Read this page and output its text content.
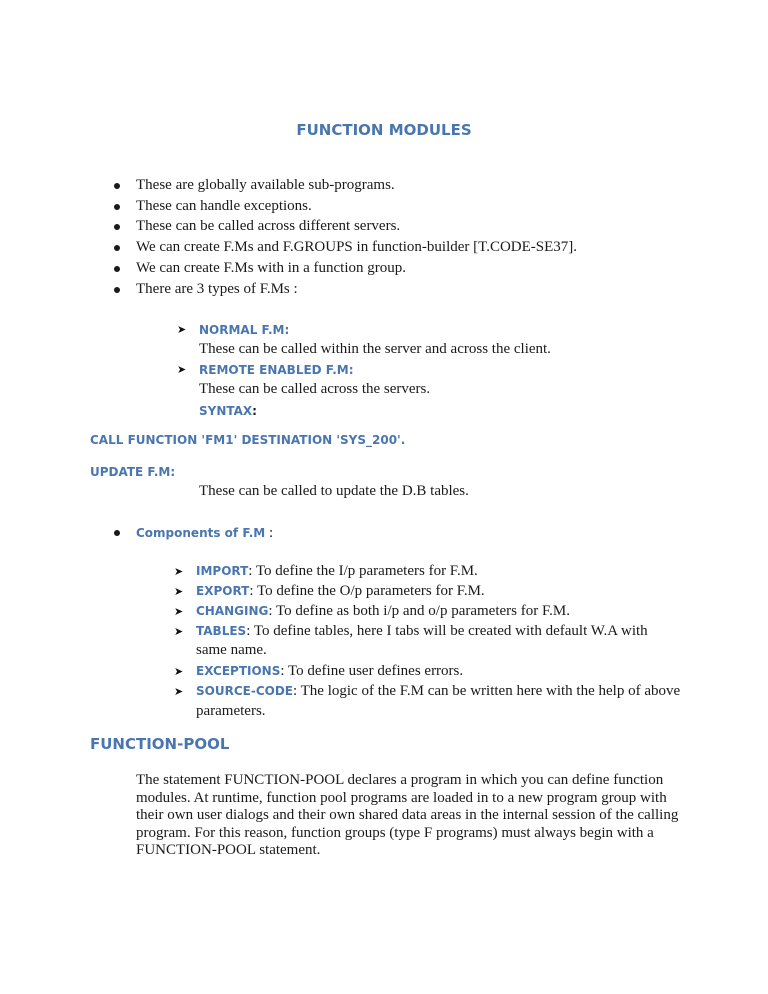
FUNCTION MODULES
These are globally available sub-programs.
These can handle exceptions.
These can be called across different servers.
We can create F.Ms and F.GROUPS in function-builder [T.CODE-SE37].
We can create F.Ms with in a function group.
There are 3 types of F.Ms :
➤ NORMAL F.M:
These can be called within the server and across the client.
➤ REMOTE ENABLED F.M:
These can be called across the servers.
SYNTAX:
CALL FUNCTION 'FM1' DESTINATION 'SYS_200'.
UPDATE F.M:
These can be called to update the D.B tables.
Components of F.M :
➤ IMPORT: To define the I/p parameters for F.M.
➤ EXPORT: To define the O/p parameters for F.M.
➤ CHANGING: To define as both i/p and o/p parameters for F.M.
➤ TABLES: To define tables, here I tabs will be created with default W.A with
same name.
➤ EXCEPTIONS: To define user defines errors.
➤ SOURCE-CODE: The logic of the F.M can be written here with the help of above
parameters.
FUNCTION-POOL
The statement FUNCTION-POOL declares a program in which you can define function modules. At runtime, function pool programs are loaded in to a new program group with their own user dialogs and their own shared data areas in the internal session of the calling program. For this reason, function groups (type F programs) must always begin with a FUNCTION-POOL statement.
